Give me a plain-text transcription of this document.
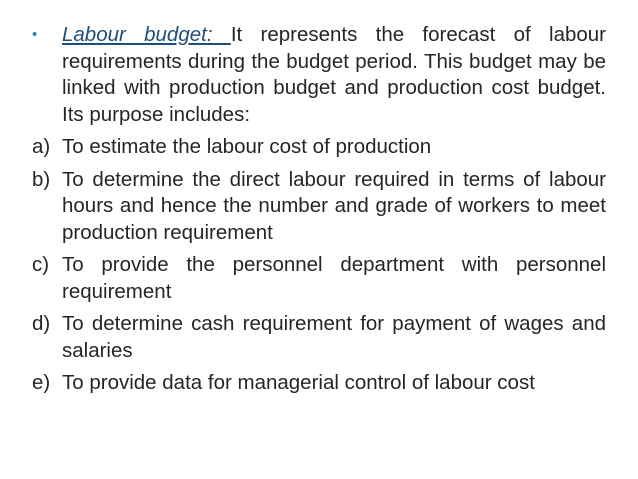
•	Labour budget: It represents the forecast of labour requirements during the budget period. This budget may be linked with production budget and production cost budget. Its purpose includes:

a) To estimate the labour cost of production

b) To determine the direct labour required in terms of labour hours and hence the number and grade of workers to meet production requirement

c) To provide the personnel department with personnel requirement

d) To determine cash requirement for payment of wages and salaries

e) To provide data for managerial control of labour cost
